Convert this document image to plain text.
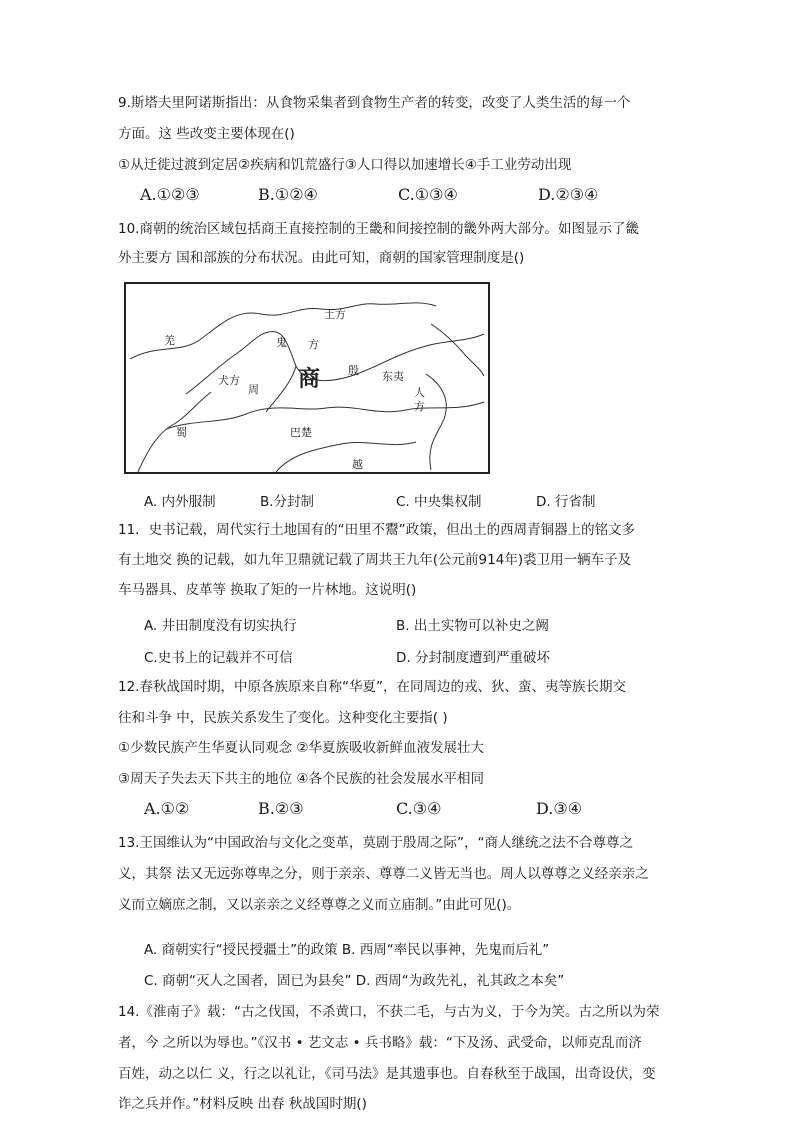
9.斯塔夫里阿诺斯指出：从食物采集者到食物生产者的转变，改变了人类生活的每一个
方面。这 些改变主要体现在()
①从迁徙过渡到定居②疾病和饥荒盛行③人口得以加速增长④手工业劳动出现
A.①②③	B.①②④	C.①③④	D.②③④
10.商朝的统治区域包括商王直接控制的王畿和间接控制的畿外两大部分。如图显示了畿
外主要方 国和部族的分布状况。由此可知，商朝的国家管理制度是()
羌
土方
鬼 方
犬方
周 商	殷 东夷
人
方
蜀	巴楚
越
A. 内外服制	B.分封制	C. 中央集权制	D. 行省制
11．史书记载，周代实行土地国有的“田里不鬻”政策，但出土的西周青铜器上的铭文多
有土地交 换的记载，如九年卫鼎就记载了周共王九年(公元前914年)裘卫用一辆车子及
车马器具、皮革等 换取了矩的一片林地。这说明()
A. 井田制度没有切实执行	B. 出土实物可以补史之阙
C.史书上的记载并不可信	D. 分封制度遭到严重破坏
12.春秋战国时期，中原各族原来自称“华夏”，在同周边的戎、狄、蛮、夷等族长期交
往和斗争 中，民族关系发生了变化。这种变化主要指( )
①少数民族产生华夏认同观念 ②华夏族吸收新鲜血液发展壮大
③周天子失去天下共主的地位 ④各个民族的社会发展水平相同
A.①②	B.②③	C.③④	D.③④
13.王国维认为“中国政治与文化之变革，莫剧于殷周之际”，“商人继统之法不合尊尊之
义，其祭 法又无远弥尊卑之分，则于亲亲、尊尊二义皆无当也。周人以尊尊之义经亲亲之
义而立嫡庶之制，又以亲亲之义经尊尊之义而立庙制。”由此可见()。
A. 商朝实行“授民授疆土”的政策 B. 西周“率民以事神，先鬼而后礼”
C. 商朝“灭人之国者，固已为县矣” D. 西周“为政先礼，礼其政之本矣”
14.《淮南子》载：“古之伐国，不杀黄口，不获二毛，与古为义，于今为笑。古之所以为荣
者，今 之所以为辱也。”《汉书 • 艺文志 • 兵书略》载：“下及汤、武受命，以师克乱而济
百姓，动之以仁 义，行之以礼让，《司马法》是其遗事也。自春秋至于战国，出奇设伏，变
诈之兵并作。”材料反映 出春 秋战国时期()
